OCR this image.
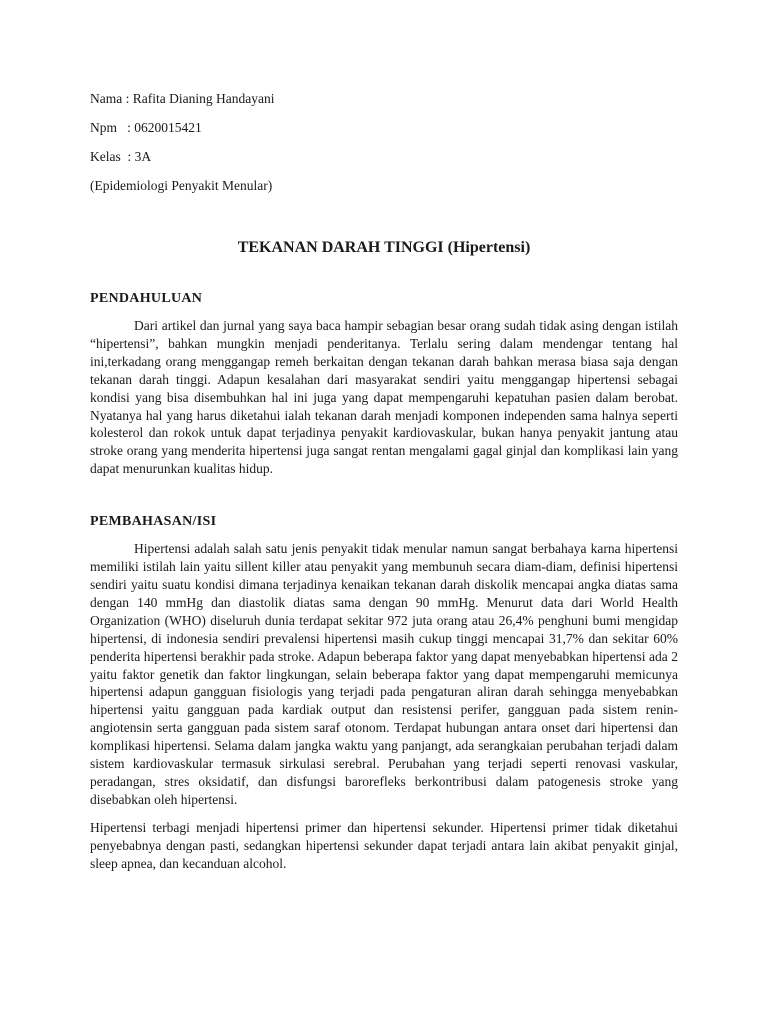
Nama : Rafita Dianing Handayani
Npm   : 0620015421
Kelas  : 3A
(Epidemiologi Penyakit Menular)
TEKANAN DARAH TINGGI (Hipertensi)
PENDAHULUAN

Dari artikel dan jurnal yang saya baca hampir sebagian besar orang sudah tidak asing dengan istilah “hipertensi”, bahkan mungkin menjadi penderitanya. Terlalu sering dalam mendengar tentang hal ini,terkadang orang menggangap remeh berkaitan dengan tekanan darah bahkan merasa biasa saja dengan tekanan darah tinggi. Adapun kesalahan dari masyarakat sendiri yaitu menggangap hipertensi sebagai kondisi yang bisa disembuhkan hal ini juga yang dapat mempengaruhi kepatuhan pasien dalam berobat. Nyatanya hal yang harus diketahui ialah tekanan darah menjadi komponen independen sama halnya seperti kolesterol dan rokok untuk dapat terjadinya penyakit kardiovaskular, bukan hanya penyakit jantung atau stroke orang yang menderita hipertensi juga sangat rentan mengalami gagal ginjal dan komplikasi lain yang dapat menurunkan kualitas hidup.

PEMBAHASAN/ISI

Hipertensi adalah salah satu jenis penyakit tidak menular namun sangat berbahaya karna hipertensi memiliki istilah lain yaitu sillent killer atau penyakit yang membunuh secara diam-diam, definisi hipertensi sendiri yaitu suatu kondisi dimana terjadinya kenaikan tekanan darah diskolik mencapai angka diatas sama dengan 140 mmHg dan diastolik diatas sama dengan 90 mmHg. Menurut data dari World Health Organization (WHO) diseluruh dunia terdapat sekitar 972 juta orang atau 26,4% penghuni bumi mengidap hipertensi, di indonesia sendiri prevalensi hipertensi masih cukup tinggi mencapai 31,7% dan sekitar 60% penderita hipertensi berakhir pada stroke. Adapun beberapa faktor yang dapat menyebabkan hipertensi ada 2 yaitu faktor genetik dan faktor lingkungan, selain beberapa faktor yang dapat mempengaruhi memicunya hipertensi adapun gangguan fisiologis yang terjadi pada pengaturan aliran darah sehingga menyebabkan hipertensi yaitu gangguan pada kardiak output dan resistensi perifer, gangguan pada sistem renin-angiotensin serta gangguan pada sistem saraf otonom. Terdapat hubungan antara onset dari hipertensi dan komplikasi hipertensi. Selama dalam jangka waktu yang panjangt, ada serangkaian perubahan terjadi dalam sistem kardiovaskular termasuk sirkulasi serebral. Perubahan yang terjadi seperti renovasi vaskular, peradangan, stres oksidatif, dan disfungsi barorefleks berkontribusi dalam patogenesis stroke yang disebabkan oleh hipertensi.

Hipertensi terbagi menjadi hipertensi primer dan hipertensi sekunder. Hipertensi primer tidak diketahui penyebabnya dengan pasti, sedangkan hipertensi sekunder dapat terjadi antara lain akibat penyakit ginjal, sleep apnea, dan kecanduan alcohol.
